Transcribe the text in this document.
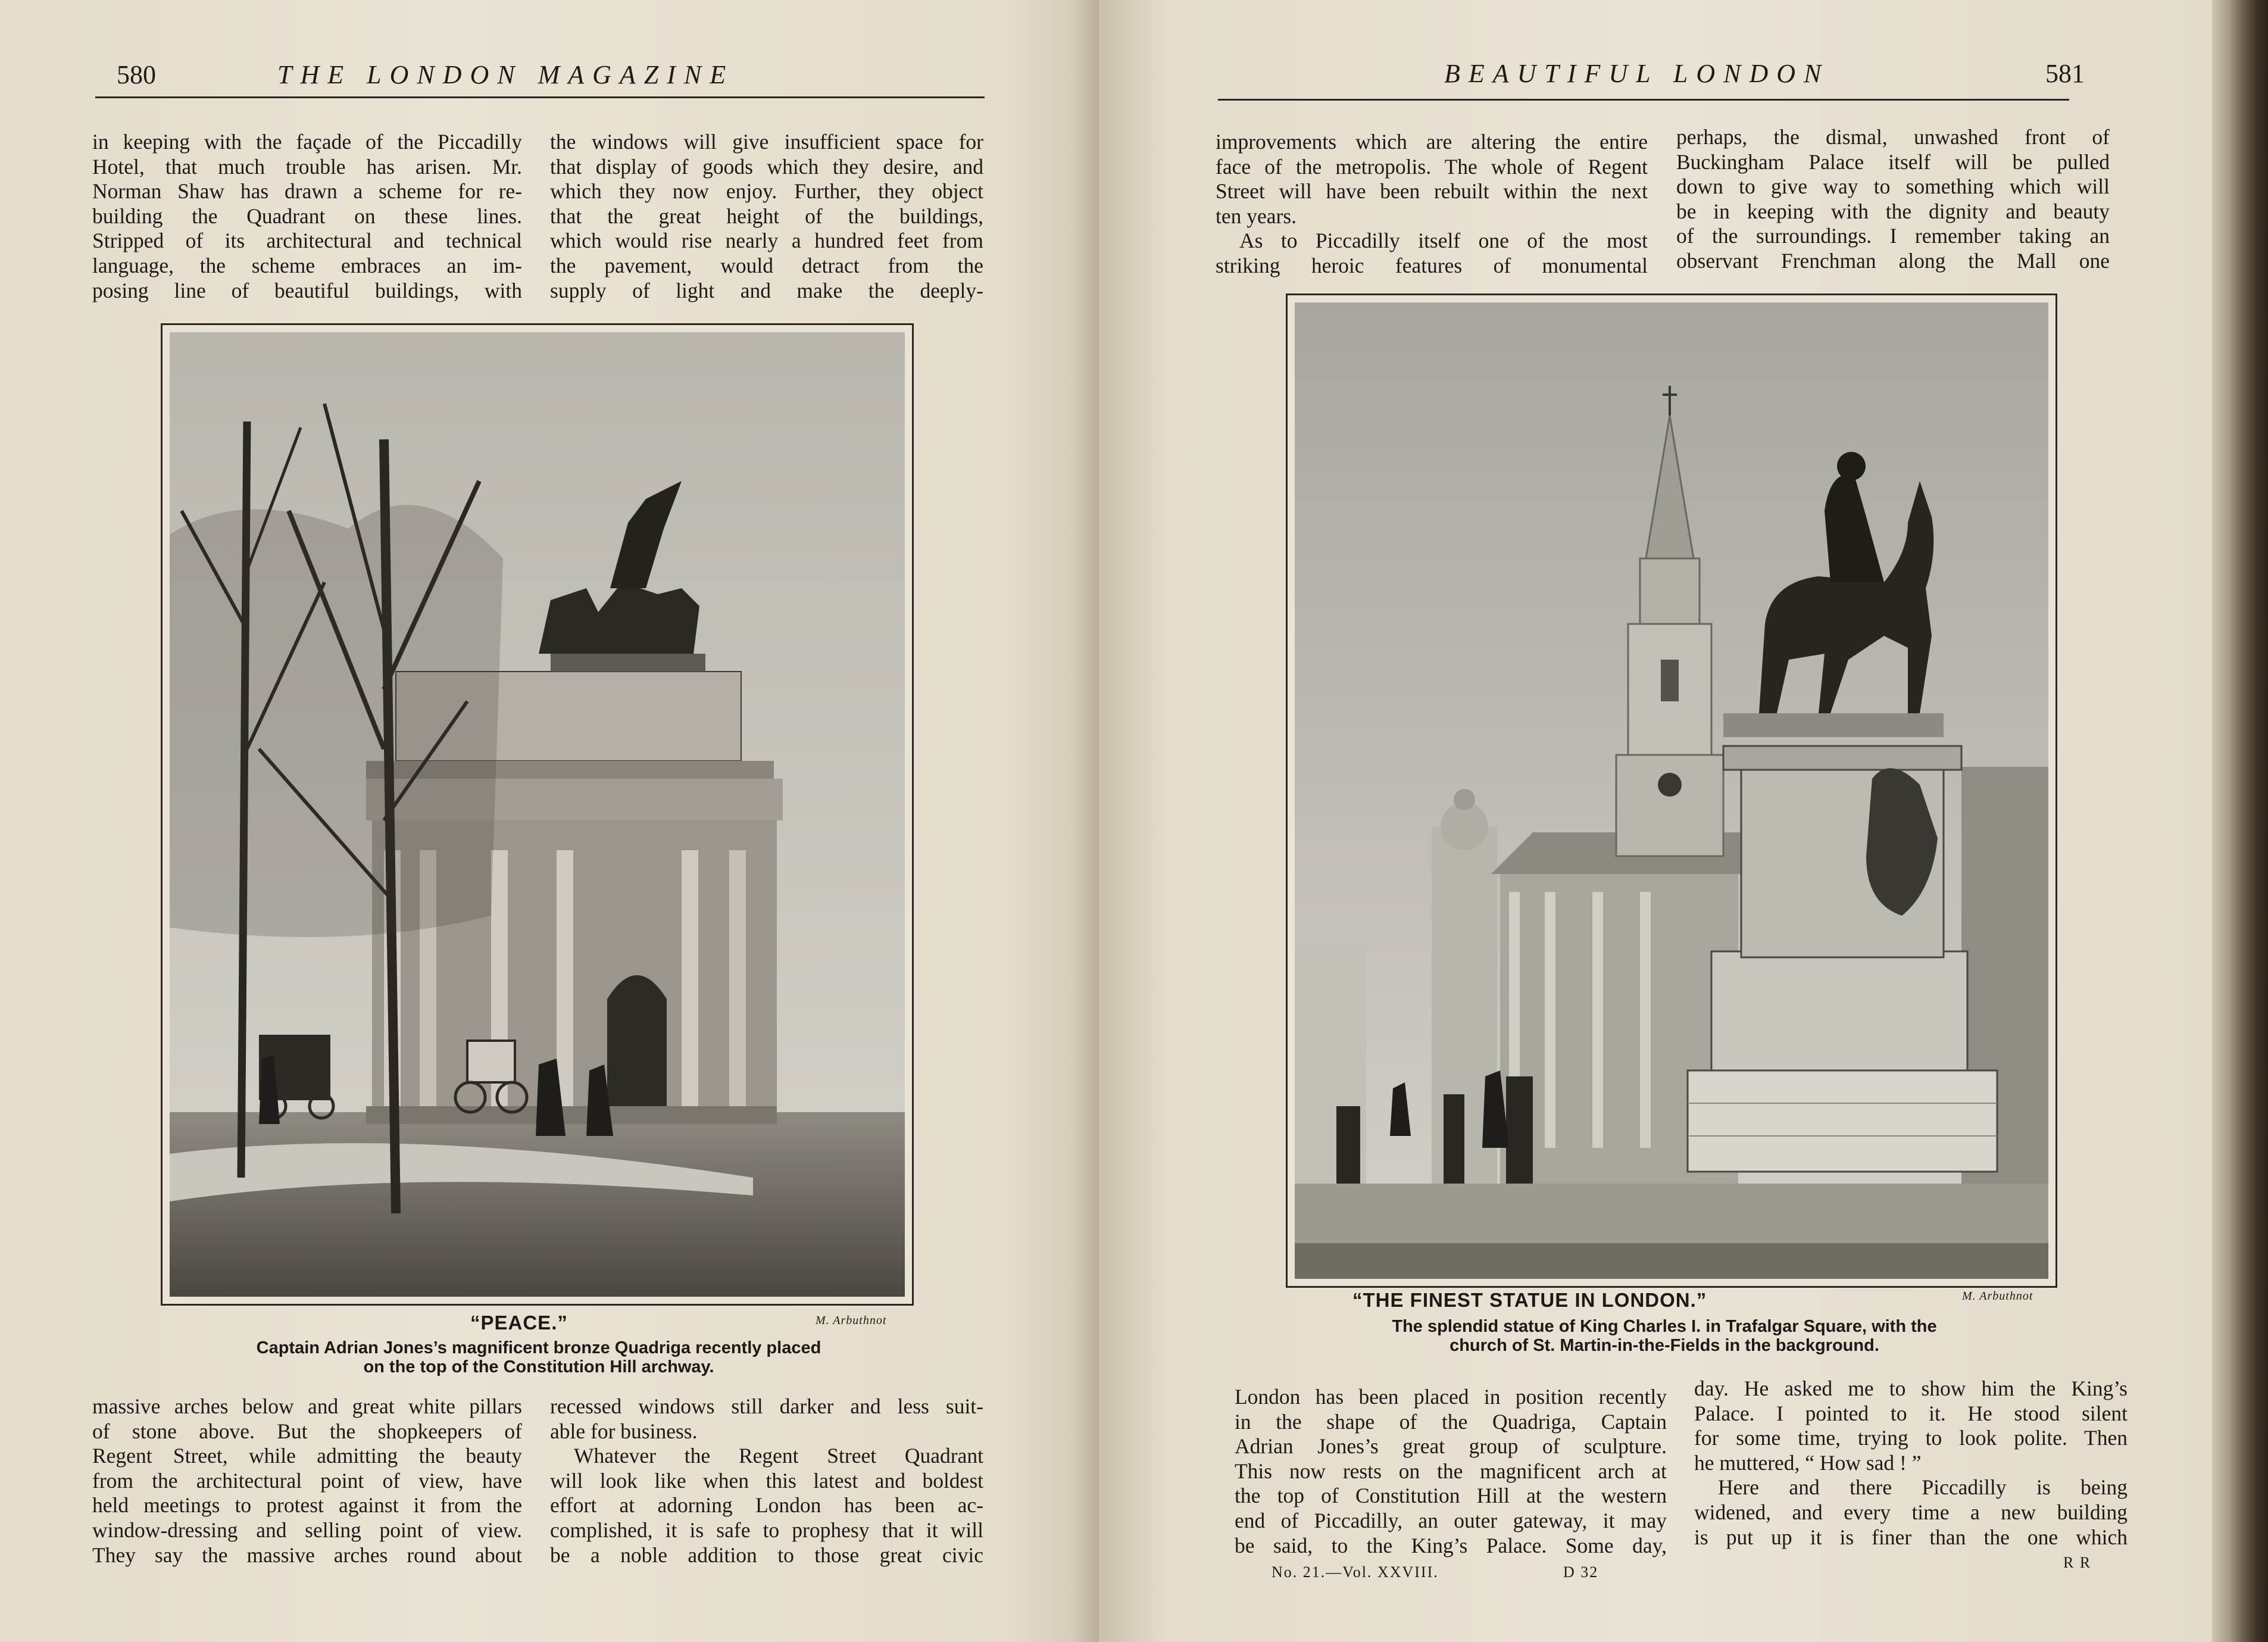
580	THE LONDON MAGAZINE

in keeping with the façade of the Piccadilly

Hotel, that much trouble has arisen. Mr.

Norman Shaw has drawn a scheme for re-

building the Quadrant on these lines.

Stripped of its architectural and technical

language, the scheme embraces an im-

posing line of beautiful buildings, with

the windows will give insufficient space for

that display of goods which they desire, and

which they now enjoy. Further, they object

that the great height of the buildings,

which would rise nearly a hundred feet from

the pavement, would detract from the

supply of light and make the deeply-

“PEACE.”	M. Arbuthnot
Captain Adrian Jones’s magnificent bronze Quadriga recently placed
on the top of the Constitution Hill archway.

massive arches below and great white pillars

of stone above. But the shopkeepers of

Regent Street, while admitting the beauty

from the architectural point of view, have

held meetings to protest against it from the

window-dressing and selling point of view.

They say the massive arches round about

recessed windows still darker and less suit-

able for business.

Whatever the Regent Street Quadrant

will look like when this latest and boldest

effort at adorning London has been ac-

complished, it is safe to prophesy that it will

be a noble addition to those great civic

BEAUTIFUL LONDON	581

improvements which are altering the entire

face of the metropolis. The whole of Regent

Street will have been rebuilt within the next

ten years.

As to Piccadilly itself one of the most

striking heroic features of monumental

perhaps, the dismal, unwashed front of

Buckingham Palace itself will be pulled

down to give way to something which will

be in keeping with the dignity and beauty

of the surroundings. I remember taking an

observant Frenchman along the Mall one

“THE FINEST STATUE IN LONDON.”	M. Arbuthnot
The splendid statue of King Charles I. in Trafalgar Square, with the
church of St. Martin-in-the-Fields in the background.

London has been placed in position recently

in the shape of the Quadriga, Captain

Adrian Jones’s great group of sculpture.

This now rests on the magnificent arch at

the top of Constitution Hill at the western

end of Piccadilly, an outer gateway, it may

be said, to the King’s Palace. Some day,

day. He asked me to show him the King’s

Palace. I pointed to it. He stood silent

for some time, trying to look polite. Then

he muttered, “ How sad ! ”

Here and there Piccadilly is being

widened, and every time a new building

is put up it is finer than the one which

No. 21.—Vol. XXVIII.	D 32
R R
